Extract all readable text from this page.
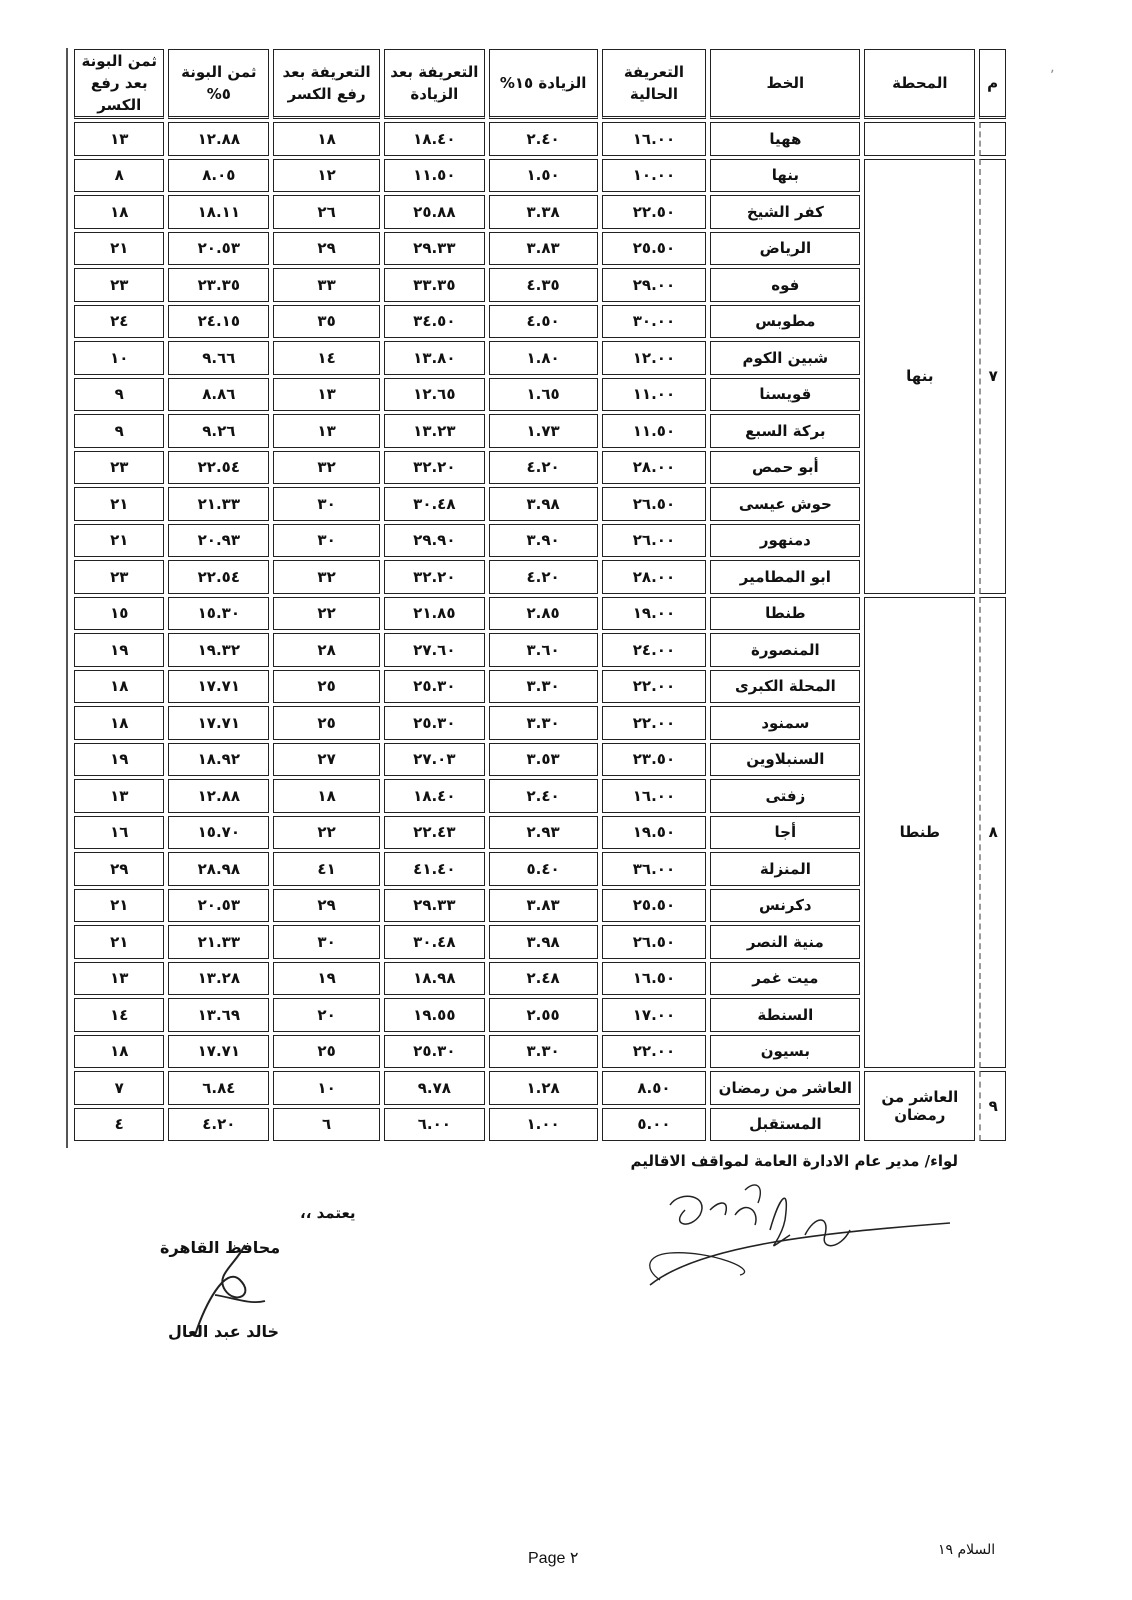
م	المحطة	الخط	التعريفة الحالية	الزيادة ١٥%	التعريفة بعد الزيادة	التعريفة بعد رفع الكسر	ثمن البونة ٥%	ثمن البونة بعد رفع الكسر
		ههيا	١٦.٠٠	٢.٤٠	١٨.٤٠	١٨	١٢.٨٨	١٣
٧	بنها	بنها	١٠.٠٠	١.٥٠	١١.٥٠	١٢	٨.٠٥	٨
		كفر الشيخ	٢٢.٥٠	٣.٣٨	٢٥.٨٨	٢٦	١٨.١١	١٨
		الرياض	٢٥.٥٠	٣.٨٣	٢٩.٣٣	٢٩	٢٠.٥٣	٢١
		فوه	٢٩.٠٠	٤.٣٥	٣٣.٣٥	٣٣	٢٣.٣٥	٢٣
		مطوبس	٣٠.٠٠	٤.٥٠	٣٤.٥٠	٣٥	٢٤.١٥	٢٤
		شبين الكوم	١٢.٠٠	١.٨٠	١٣.٨٠	١٤	٩.٦٦	١٠
		قويسنا	١١.٠٠	١.٦٥	١٢.٦٥	١٣	٨.٨٦	٩
		بركة السبع	١١.٥٠	١.٧٣	١٣.٢٣	١٣	٩.٢٦	٩
		أبو حمص	٢٨.٠٠	٤.٢٠	٣٢.٢٠	٣٢	٢٢.٥٤	٢٣
		حوش عيسى	٢٦.٥٠	٣.٩٨	٣٠.٤٨	٣٠	٢١.٣٣	٢١
		دمنهور	٢٦.٠٠	٣.٩٠	٢٩.٩٠	٣٠	٢٠.٩٣	٢١
		ابو المطامير	٢٨.٠٠	٤.٢٠	٣٢.٢٠	٣٢	٢٢.٥٤	٢٣
٨	طنطا	طنطا	١٩.٠٠	٢.٨٥	٢١.٨٥	٢٢	١٥.٣٠	١٥
		المنصورة	٢٤.٠٠	٣.٦٠	٢٧.٦٠	٢٨	١٩.٣٢	١٩
		المحلة الكبرى	٢٢.٠٠	٣.٣٠	٢٥.٣٠	٢٥	١٧.٧١	١٨
		سمنود	٢٢.٠٠	٣.٣٠	٢٥.٣٠	٢٥	١٧.٧١	١٨
		السنبلاوين	٢٣.٥٠	٣.٥٣	٢٧.٠٣	٢٧	١٨.٩٢	١٩
		زفتى	١٦.٠٠	٢.٤٠	١٨.٤٠	١٨	١٢.٨٨	١٣
		أجا	١٩.٥٠	٢.٩٣	٢٢.٤٣	٢٢	١٥.٧٠	١٦
		المنزلة	٣٦.٠٠	٥.٤٠	٤١.٤٠	٤١	٢٨.٩٨	٢٩
		دكرنس	٢٥.٥٠	٣.٨٣	٢٩.٣٣	٢٩	٢٠.٥٣	٢١
		منية النصر	٢٦.٥٠	٣.٩٨	٣٠.٤٨	٣٠	٢١.٣٣	٢١
		ميت غمر	١٦.٥٠	٢.٤٨	١٨.٩٨	١٩	١٣.٢٨	١٣
		السنطة	١٧.٠٠	٢.٥٥	١٩.٥٥	٢٠	١٣.٦٩	١٤
		بسيون	٢٢.٠٠	٣.٣٠	٢٥.٣٠	٢٥	١٧.٧١	١٨
٩	العاشر من رمضان	العاشر من رمضان	٨.٥٠	١.٢٨	٩.٧٨	١٠	٦.٨٤	٧
		المستقبل	٥.٠٠	١.٠٠	٦.٠٠	٦	٤.٢٠	٤
لواء/ مدير عام الادارة العامة لمواقف الاقاليم
يعتمد ،،
محافظ القاهرة
خالد عبد العال
Page ٢	السلام ١٩
ʼ
